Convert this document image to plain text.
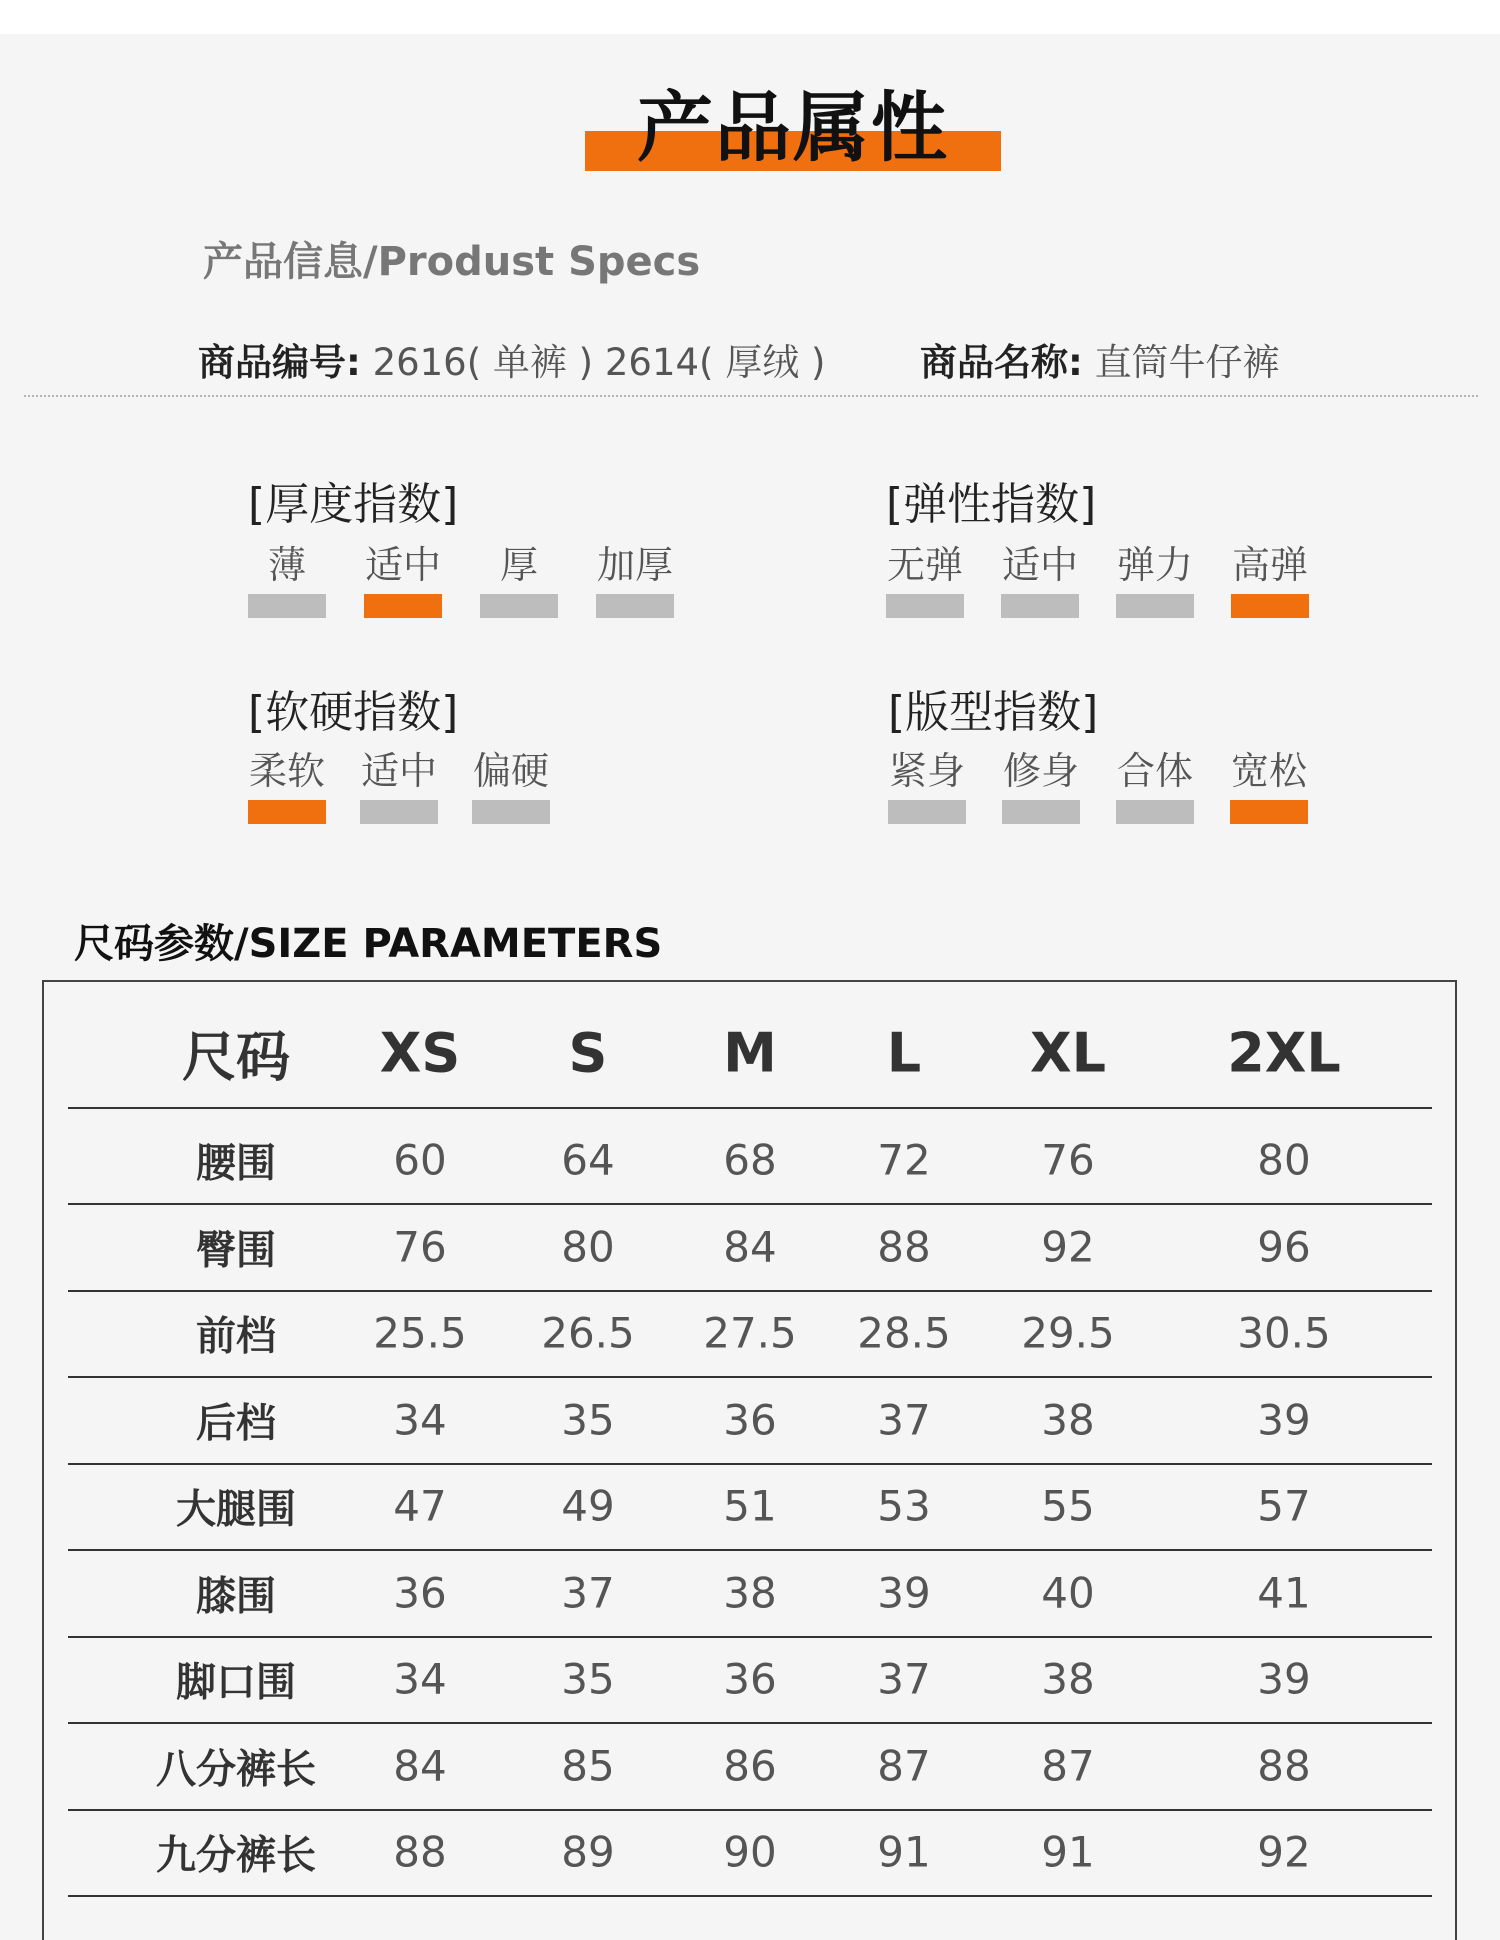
产品属性
产品信息/Produst Specs
商品编号: 2616( 单裤 ) 2614( 厚绒 )	商品名称: 直筒牛仔裤
[厚度指数]
薄 适中 厚 加厚
[弹性指数]
无弹 适中 弹力 高弹
[软硬指数]
柔软 适中 偏硬
[版型指数]
紧身 修身 合体 宽松
尺码参数/SIZE PARAMETERS
尺码 XS S M L XL 2XL
腰围	60	64	68 72	76	80
臀围	76	80	84 88	92	96
前档 25.5 26.5 27.5 28.5 29.5	30.5
后档	34	35	36 37	38	39
大腿围 47	49	51 53	55	57
膝围	36	37	38 39	40	41
脚口围 34	35	36 37	38	39
八分裤长 84	85	86 87	87	88
九分裤长 88	89	90 91	91	92
